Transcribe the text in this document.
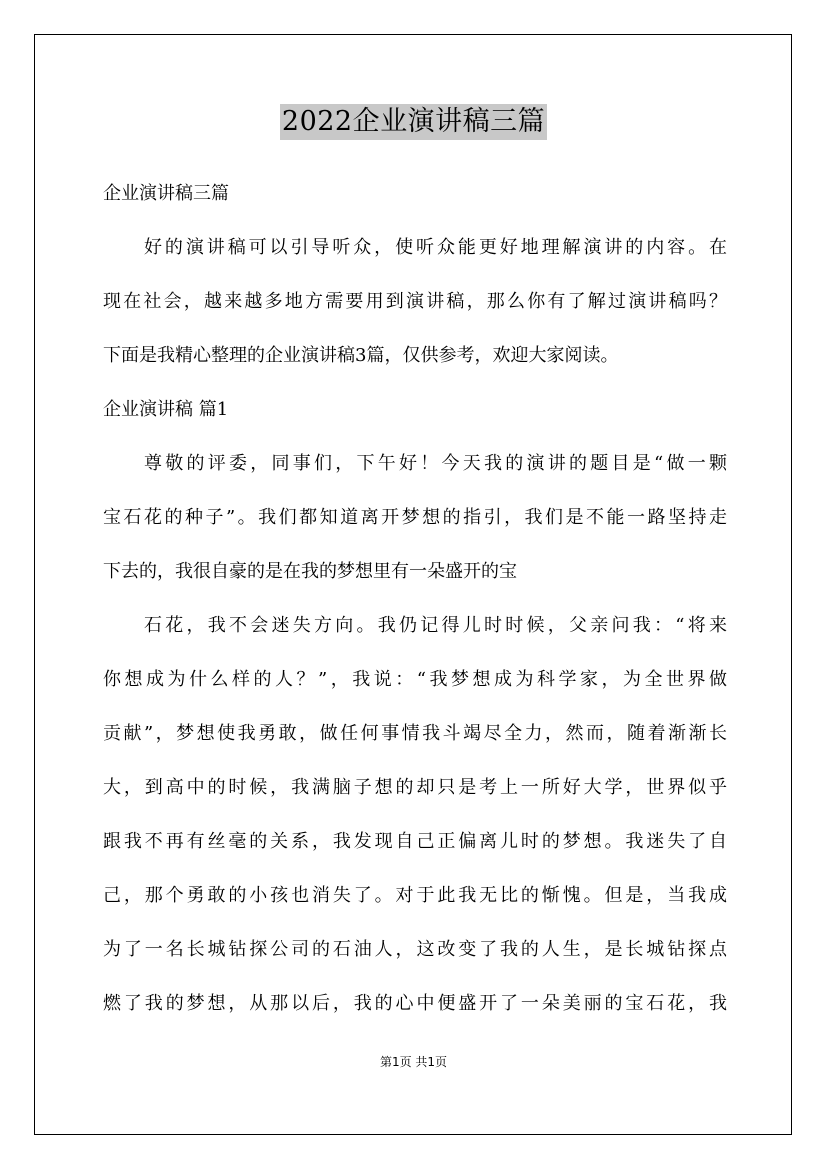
2022企业演讲稿三篇
企业演讲稿三篇
好的演讲稿可以引导听众，使听众能更好地理解演讲的内容。在
现在社会，越来越多地方需要用到演讲稿，那么你有了解过演讲稿吗？
下面是我精心整理的企业演讲稿3篇，仅供参考，欢迎大家阅读。
企业演讲稿 篇1
尊敬的评委，同事们，下午好！今天我的演讲的题目是“做一颗
宝石花的种子”。我们都知道离开梦想的指引，我们是不能一路坚持走
下去的，我很自豪的是在我的梦想里有一朵盛开的宝
石花，我不会迷失方向。我仍记得儿时时候，父亲问我：“将来
你想成为什么样的人？”，我说：“我梦想成为科学家，为全世界做
贡献”，梦想使我勇敢，做任何事情我斗竭尽全力，然而，随着渐渐长
大，到高中的时候，我满脑子想的却只是考上一所好大学，世界似乎
跟我不再有丝毫的关系，我发现自己正偏离儿时的梦想。我迷失了自
己，那个勇敢的小孩也消失了。对于此我无比的惭愧。但是，当我成
为了一名长城钻探公司的石油人，这改变了我的人生，是长城钻探点
燃了我的梦想，从那以后，我的心中便盛开了一朵美丽的宝石花，我
第1页 共1页
